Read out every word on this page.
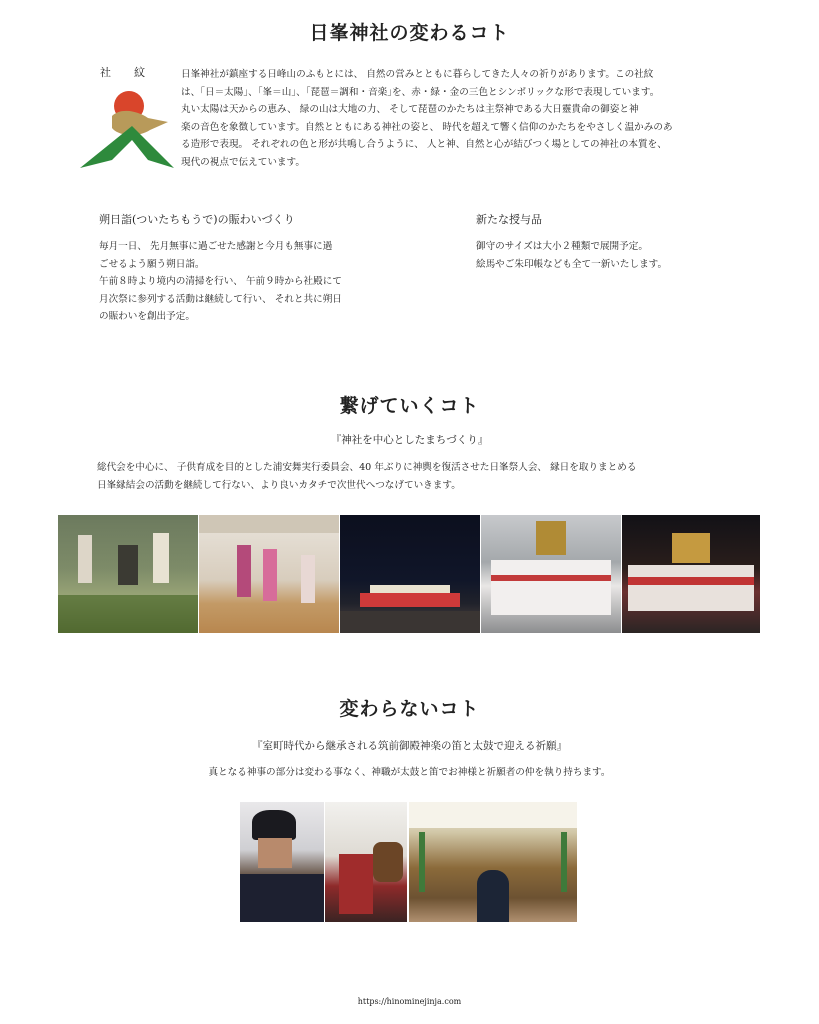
日峯神社の変わるコト
社　紋	日峯神社が鎮座する日峰山のふもとには、 自然の営みとともに暮らしてきた人々の祈りがあります。この社紋
は、｢日＝太陽｣、｢峯＝山｣、｢琵琶＝調和・音楽｣を、赤・緑・金の三色とシンボリックな形で表現しています。
丸い太陽は天からの恵み、 緑の山は大地の力、 そして琵琶のかたちは主祭神である大日靈貴命の御姿と神
楽の音色を象徴しています。自然とともにある神社の姿と、 時代を超えて響く信仰のかたちをやさしく温かみのあ
る造形で表現。 それぞれの色と形が共鳴し合うように、 人と神、自然と心が結びつく場としての神社の本質を、
現代の視点で伝えています。
朔日詣(ついたちもうで)の賑わいづくり
毎月一日、 先月無事に過ごせた感謝と今月も無事に過
ごせるよう願う朔日詣。
午前８時より境内の清掃を行い、 午前９時から社殿にて
月次祭に参列する活動は継続して行い、 それと共に朔日
の賑わいを創出予定。
新たな授与品
御守のサイズは大小２種類で展開予定。
絵馬やご朱印帳なども全て一新いたします。
繋げていくコト
『神社を中心としたまちづくり』
総代会を中心に、 子供育成を目的とした浦安舞実行委員会、40 年ぶりに神輿を復活させた日峯祭人会、 縁日を取りまとめる
日峯縁結会の活動を継続して行ない、より良いカタチで次世代へつなげていきます。
変わらないコト
『室町時代から継承される筑前御殿神楽の笛と太鼓で迎える祈願』
真となる神事の部分は変わる事なく、神職が太鼓と笛でお神様と祈願者の仲を執り持ちます。
https://hinominejinja.com
